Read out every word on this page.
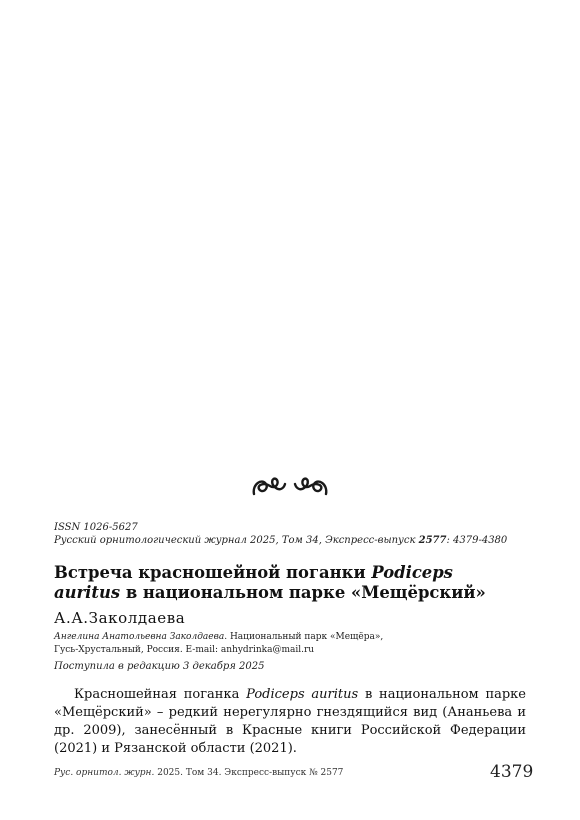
ISSN 1026-5627
Русский орнитологический журнал 2025, Том 34, Экспресс-выпуск 2577: 4379-4380
Встреча красношейной поганки Podiceps auritus в национальном парке «Мещёрский»
А.А.Заколдаева
Ангелина Анатольевна Заколдаева. Национальный парк «Мещёра»,
Гусь-Хрустальный, Россия. E-mail: anhydrinka@mail.ru
Поступила в редакцию 3 декабря 2025
Красношейная поганка Podiceps auritus в национальном парке «Мещёрский» – редкий нерегулярно гнездящийся вид (Ананьева и др. 2009), занесённый в Красные книги Российской Федерации (2021) и Рязанской области (2021).
Рус. орнитол. журн. 2025. Том 34. Экспресс-выпуск № 2577	4379
